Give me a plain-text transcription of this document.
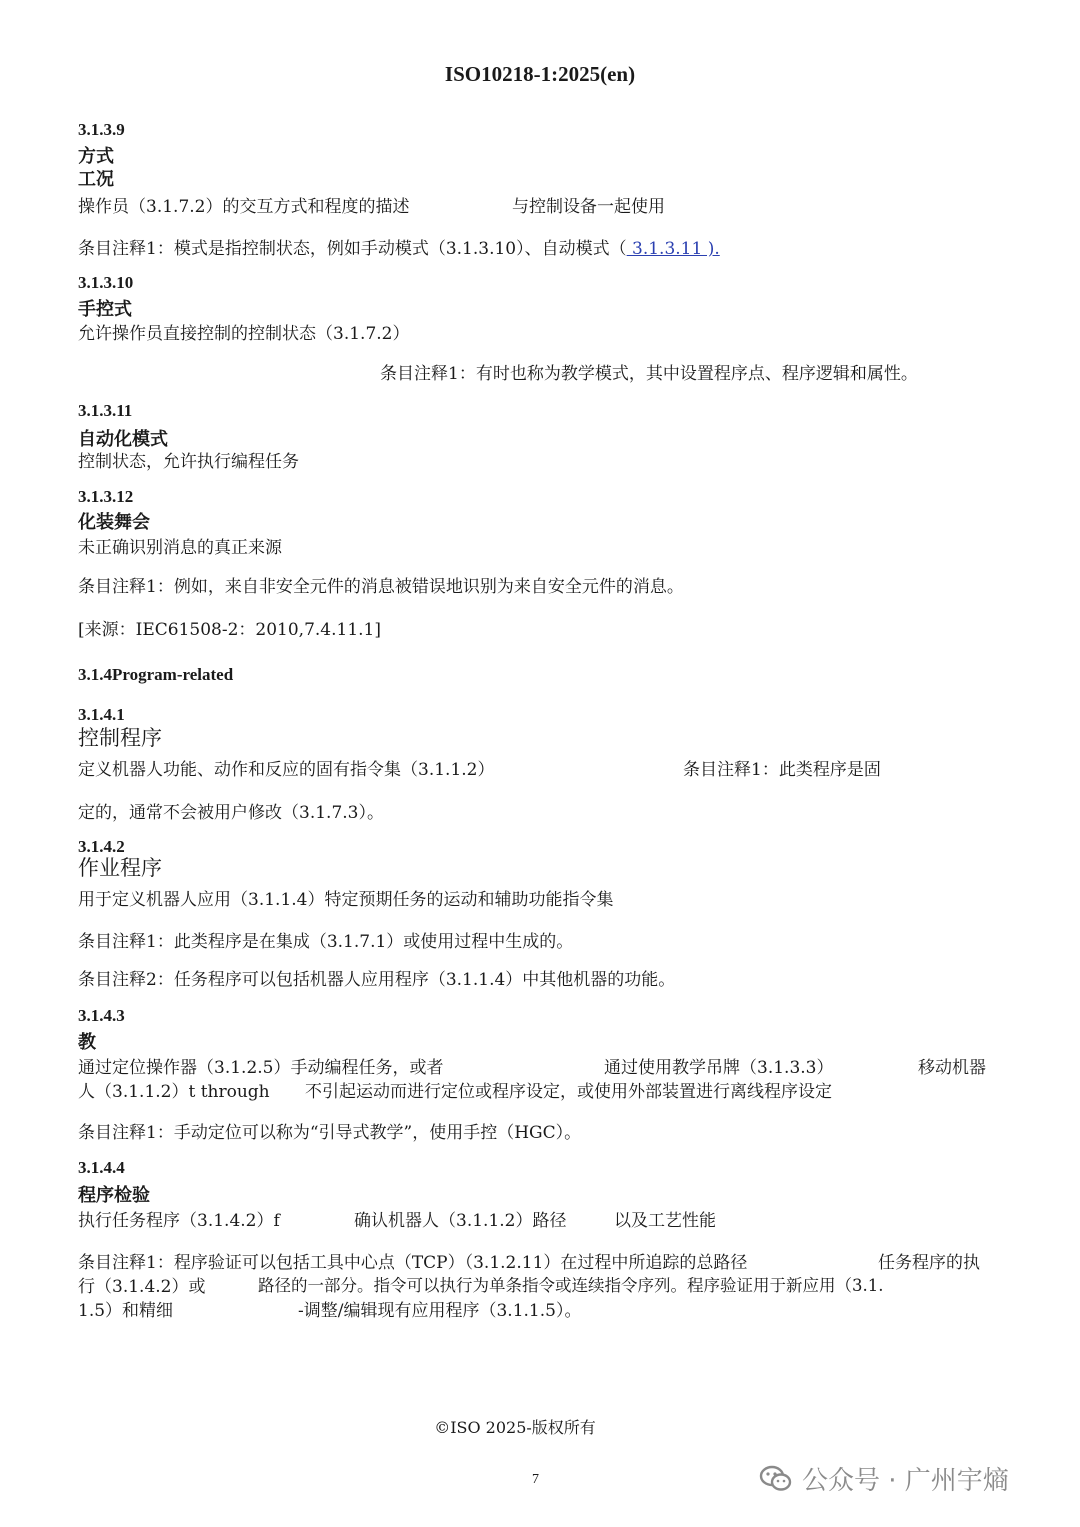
ISO10218-1:2025(en)
3.1.3.9
方式
工况
操作员（3.1.7.2）的交互方式和程度的描述	与控制设备一起使用
条目注释1：模式是指控制状态，例如手动模式（3.1.3.10）、自动模式（ 3.1.3.11 ).
3.1.3.10
手控式
允许操作员直接控制的控制状态（3.1.7.2）
条目注释1：有时也称为教学模式，其中设置程序点、程序逻辑和属性。
3.1.3.11
自动化模式
控制状态，允许执行编程任务
3.1.3.12
化装舞会
未正确识别消息的真正来源
条目注释1：例如，来自非安全元件的消息被错误地识别为来自安全元件的消息。
[来源：IEC61508-2：2010,7.4.11.1]
3.1.4Program-related
3.1.4.1
控制程序
定义机器人功能、动作和反应的固有指令集（3.1.1.2）	条目注释1：此类程序是固
定的，通常不会被用户修改（3.1.7.3）。
3.1.4.2
作业程序
用于定义机器人应用（3.1.1.4）特定预期任务的运动和辅助功能指令集
条目注释1：此类程序是在集成（3.1.7.1）或使用过程中生成的。
条目注释2：任务程序可以包括机器人应用程序（3.1.1.4）中其他机器的功能。
3.1.4.3
教
通过定位操作器（3.1.2.5）手动编程任务，或者	通过使用教学吊牌（3.1.3.3）	移动机器
人（3.1.1.2）t through 不引起运动而进行定位或程序设定，或使用外部装置进行离线程序设定
条目注释1：手动定位可以称为“引导式教学”，使用手控（HGC）。
3.1.4.4
程序检验
执行任务程序（3.1.4.2）f	确认机器人（3.1.1.2）路径	以及工艺性能
条目注释1：程序验证可以包括工具中心点（TCP）（3.1.2.11）在过程中所追踪的总路径	任务程序的执
行（3.1.4.2）或	路径的一部分。指令可以执行为单条指令或连续指令序列。程序验证用于新应用（3.1.
1.5）和精细	-调整/编辑现有应用程序（3.1.1.5）。
©ISO 2025-版权所有
7	公众号 · 广州宇熵
